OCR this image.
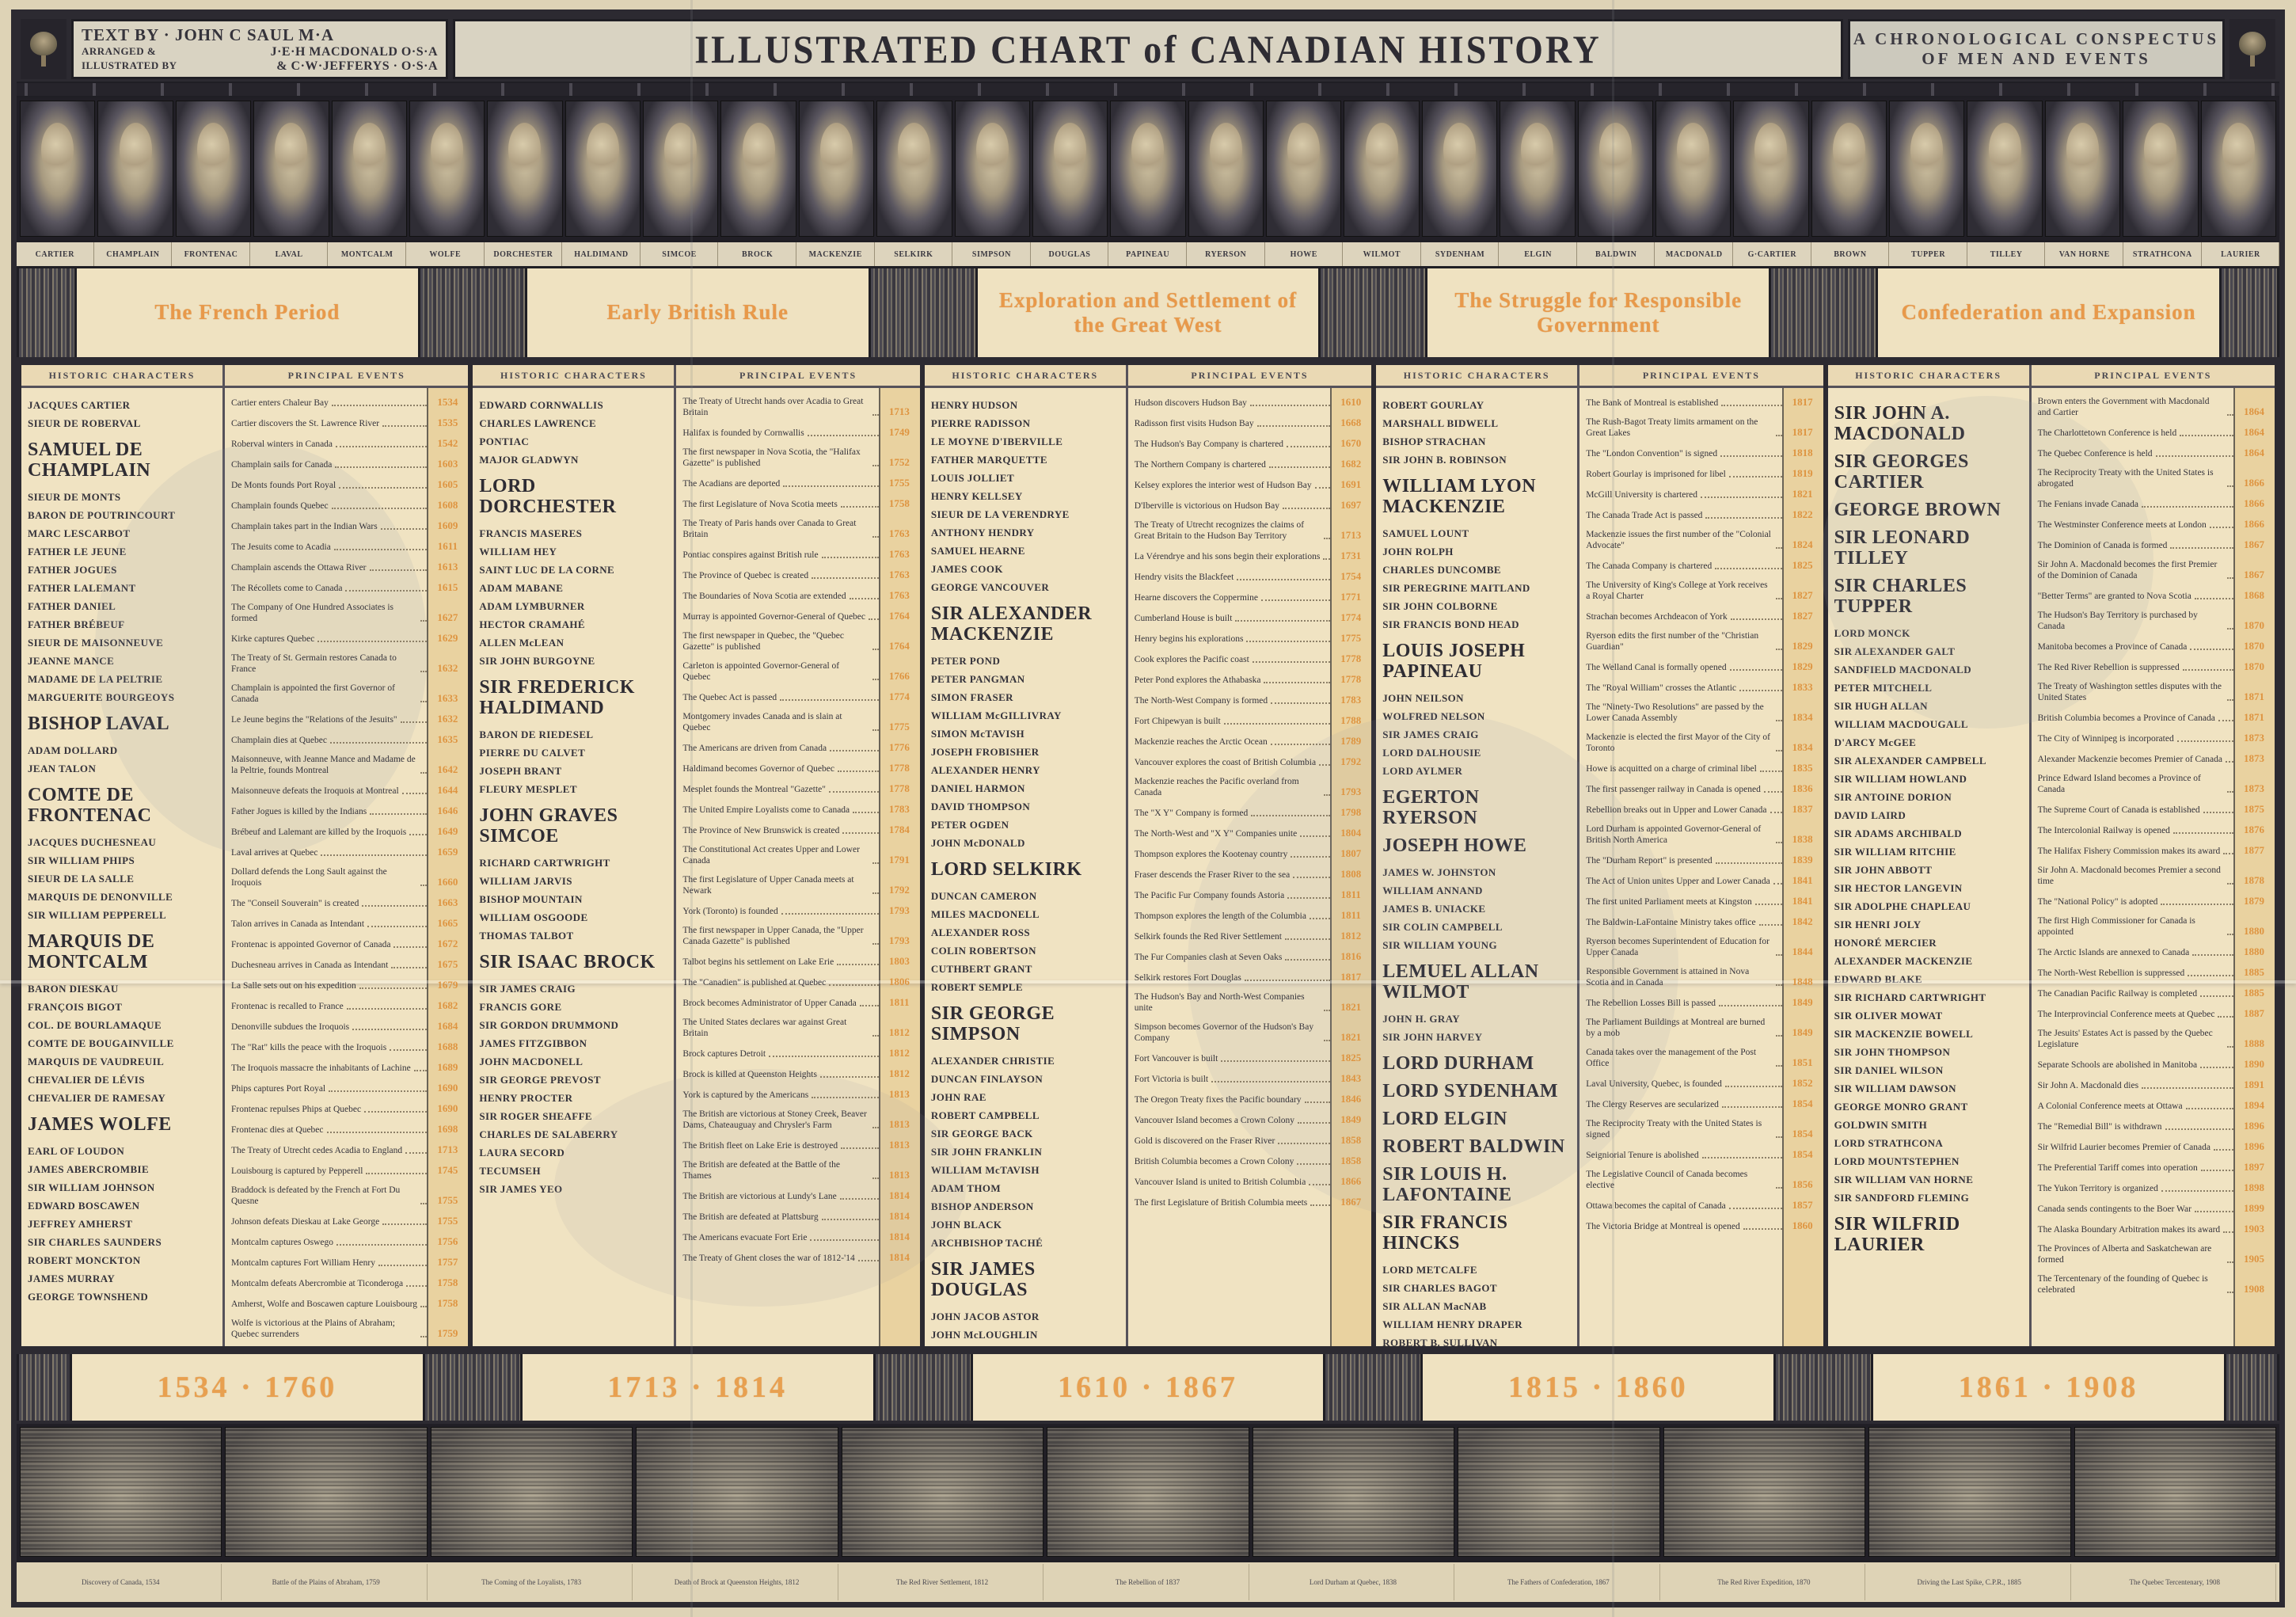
TEXT BY · JOHN C SAUL M·A
ARRANGED &	J·E·H MACDONALD O·S·A
ILLUSTRATED BY	& C·W·JEFFERYS · O·S·A	ILLUSTRATED CHART of CANADIAN HISTORY	A CHRONOLOGICAL CONSPECTUS OF MEN AND EVENTS
CARTIER	CHAMPLAIN	FRONTENAC	LAVAL	MONTCALM	WOLFE	DORCHESTER	HALDIMAND	SIMCOE	BROCK	MACKENZIE	SELKIRK	SIMPSON	DOUGLAS	PAPINEAU	RYERSON	HOWE	WILMOT	SYDENHAM	ELGIN	BALDWIN	MACDONALD	G·CARTIER	BROWN	TUPPER	TILLEY	VAN HORNE	STRATHCONA	LAURIER
The French Period	Early British Rule
Exploration and Settlement of the Great West
The Struggle for Responsible Government
Confederation and Expansion
HISTORIC CHARACTERS
JACQUES CARTIER
SIEUR DE ROBERVAL
SAMUEL DE CHAMPLAIN
SIEUR DE MONTS
BARON DE POUTRINCOURT
MARC LESCARBOT
FATHER LE JEUNE
FATHER JOGUES
FATHER LALEMANT
FATHER DANIEL
FATHER BRÉBEUF
SIEUR DE MAISONNEUVE
JEANNE MANCE
MADAME DE LA PELTRIE
MARGUERITE BOURGEOYS
BISHOP LAVAL
ADAM DOLLARD
JEAN TALON
COMTE DE FRONTENAC
JACQUES DUCHESNEAU
SIR WILLIAM PHIPS
SIEUR DE LA SALLE
MARQUIS DE DENONVILLE
SIR WILLIAM PEPPERELL
MARQUIS DE MONTCALM
BARON DIESKAU
FRANÇOIS BIGOT
COL. DE BOURLAMAQUE
COMTE DE BOUGAINVILLE
MARQUIS DE VAUDREUIL
CHEVALIER DE LÉVIS
CHEVALIER DE RAMESAY
JAMES WOLFE
EARL OF LOUDON
JAMES ABERCROMBIE
SIR WILLIAM JOHNSON
EDWARD BOSCAWEN
JEFFREY AMHERST
SIR CHARLES SAUNDERS
ROBERT MONCKTON
JAMES MURRAY
GEORGE TOWNSHEND
PRINCIPAL EVENTS
Cartier enters Chaleur Bay	1534
Cartier discovers the St. Lawrence River	1535
Roberval winters in Canada	1542
Champlain sails for Canada	1603
De Monts founds Port Royal	1605
Champlain founds Quebec	1608
Champlain takes part in the Indian Wars	1609
The Jesuits come to Acadia	1611
Champlain ascends the Ottawa River	1613
The Récollets come to Canada	1615
The Company of One Hundred Associates is formed	1627
Kirke captures Quebec	1629
The Treaty of St. Germain restores Canada to France	1632
Champlain is appointed the first Governor of Canada	1633
Le Jeune begins the "Relations of the Jesuits"	1632
Champlain dies at Quebec	1635
Maisonneuve, with Jeanne Mance and Madame de la Peltrie, founds Montreal	1642
Maisonneuve defeats the Iroquois at Montreal	1644
Father Jogues is killed by the Indians	1646
Brébeuf and Lalemant are killed by the Iroquois	1649
Laval arrives at Quebec	1659
Dollard defends the Long Sault against the Iroquois	1660
The "Conseil Souverain" is created	1663
Talon arrives in Canada as Intendant	1665
Frontenac is appointed Governor of Canada	1672
Duchesneau arrives in Canada as Intendant	1675
La Salle sets out on his expedition	1679
Frontenac is recalled to France	1682
Denonville subdues the Iroquois	1684
The "Rat" kills the peace with the Iroquois	1688
The Iroquois massacre the inhabitants of Lachine	1689
Phips captures Port Royal	1690
Frontenac repulses Phips at Quebec	1690
Frontenac dies at Quebec	1698
The Treaty of Utrecht cedes Acadia to England	1713
Louisbourg is captured by Pepperell	1745
Braddock is defeated by the French at Fort Du Quesne	1755
Johnson defeats Dieskau at Lake George	1755
Montcalm captures Oswego	1756
Montcalm captures Fort William Henry	1757
Montcalm defeats Abercrombie at Ticonderoga	1758
Amherst, Wolfe and Boscawen capture Louisbourg	1758
Wolfe is victorious at the Plains of Abraham; Quebec surrenders	1759
HISTORIC CHARACTERS
EDWARD CORNWALLIS
CHARLES LAWRENCE
PONTIAC
MAJOR GLADWYN
LORD DORCHESTER
FRANCIS MASERES
WILLIAM HEY
SAINT LUC DE LA CORNE
ADAM MABANE
ADAM LYMBURNER
HECTOR CRAMAHÉ
ALLEN McLEAN
SIR JOHN BURGOYNE
SIR FREDERICK HALDIMAND
BARON DE RIEDESEL
PIERRE DU CALVET
JOSEPH BRANT
FLEURY MESPLET
JOHN GRAVES SIMCOE
RICHARD CARTWRIGHT
WILLIAM JARVIS
BISHOP MOUNTAIN
WILLIAM OSGOODE
THOMAS TALBOT
SIR ISAAC BROCK
SIR JAMES CRAIG
FRANCIS GORE
SIR GORDON DRUMMOND
JAMES FITZGIBBON
JOHN MACDONELL
SIR GEORGE PREVOST
HENRY PROCTER
SIR ROGER SHEAFFE
CHARLES DE SALABERRY
LAURA SECORD
TECUMSEH
SIR JAMES YEO
PRINCIPAL EVENTS
The Treaty of Utrecht hands over Acadia to Great Britain	1713
Halifax is founded by Cornwallis	1749
The first newspaper in Nova Scotia, the "Halifax Gazette" is published	1752
The Acadians are deported	1755
The first Legislature of Nova Scotia meets	1758
The Treaty of Paris hands over Canada to Great Britain	1763
Pontiac conspires against British rule	1763
The Province of Quebec is created	1763
The Boundaries of Nova Scotia are extended	1763
Murray is appointed Governor-General of Quebec	1764
The first newspaper in Quebec, the "Quebec Gazette" is published	1764
Carleton is appointed Governor-General of Quebec	1766
The Quebec Act is passed	1774
Montgomery invades Canada and is slain at Quebec	1775
The Americans are driven from Canada	1776
Haldimand becomes Governor of Quebec	1778
Mesplet founds the Montreal "Gazette"	1778
The United Empire Loyalists come to Canada	1783
The Province of New Brunswick is created	1784
The Constitutional Act creates Upper and Lower Canada	1791
The first Legislature of Upper Canada meets at Newark	1792
York (Toronto) is founded	1793
The first newspaper in Upper Canada, the "Upper Canada Gazette" is published	1793
Talbot begins his settlement on Lake Erie	1803
The "Canadien" is published at Quebec	1806
Brock becomes Administrator of Upper Canada	1811
The United States declares war against Great Britain	1812
Brock captures Detroit	1812
Brock is killed at Queenston Heights	1812
York is captured by the Americans	1813
The British are victorious at Stoney Creek, Beaver Dams, Chateauguay and Chrysler's Farm	1813
The British fleet on Lake Erie is destroyed	1813
The British are defeated at the Battle of the Thames	1813
The British are victorious at Lundy's Lane	1814
The British are defeated at Plattsburg	1814
The Americans evacuate Fort Erie	1814
The Treaty of Ghent closes the war of 1812-'14	1814
HISTORIC CHARACTERS
HENRY HUDSON
PIERRE RADISSON
LE MOYNE D'IBERVILLE
FATHER MARQUETTE
LOUIS JOLLIET
HENRY KELLSEY
SIEUR DE LA VERENDRYE
ANTHONY HENDRY
SAMUEL HEARNE
JAMES COOK
GEORGE VANCOUVER
SIR ALEXANDER MACKENZIE
PETER POND
PETER PANGMAN
SIMON FRASER
WILLIAM McGILLIVRAY
SIMON McTAVISH
JOSEPH FROBISHER
ALEXANDER HENRY
DANIEL HARMON
DAVID THOMPSON
PETER OGDEN
JOHN McDONALD
LORD SELKIRK
DUNCAN CAMERON
MILES MACDONELL
ALEXANDER ROSS
COLIN ROBERTSON
CUTHBERT GRANT
ROBERT SEMPLE
SIR GEORGE SIMPSON
ALEXANDER CHRISTIE
DUNCAN FINLAYSON
JOHN RAE
ROBERT CAMPBELL
SIR GEORGE BACK
SIR JOHN FRANKLIN
WILLIAM McTAVISH
ADAM THOM
BISHOP ANDERSON
JOHN BLACK
ARCHBISHOP TACHÉ
SIR JAMES DOUGLAS
JOHN JACOB ASTOR
JOHN McLOUGHLIN
PRINCIPAL EVENTS
Hudson discovers Hudson Bay	1610
Radisson first visits Hudson Bay	1668
The Hudson's Bay Company is chartered	1670
The Northern Company is chartered	1682
Kelsey explores the interior west of Hudson Bay	1691
D'Iberville is victorious on Hudson Bay	1697
The Treaty of Utrecht recognizes the claims of Great Britain to the Hudson Bay Territory	1713
La Vérendrye and his sons begin their explorations	1731
Hendry visits the Blackfeet	1754
Hearne discovers the Coppermine	1771
Cumberland House is built	1774
Henry begins his explorations	1775
Cook explores the Pacific coast	1778
Peter Pond explores the Athabaska	1778
The North-West Company is formed	1783
Fort Chipewyan is built	1788
Mackenzie reaches the Arctic Ocean	1789
Vancouver explores the coast of British Columbia	1792
Mackenzie reaches the Pacific overland from Canada	1793
The "X Y" Company is formed	1798
The North-West and "X Y" Companies unite	1804
Thompson explores the Kootenay country	1807
Fraser descends the Fraser River to the sea	1808
The Pacific Fur Company founds Astoria	1811
Thompson explores the length of the Columbia	1811
Selkirk founds the Red River Settlement	1812
The Fur Companies clash at Seven Oaks	1816
Selkirk restores Fort Douglas	1817
The Hudson's Bay and North-West Companies unite	1821
Simpson becomes Governor of the Hudson's Bay Company	1821
Fort Vancouver is built	1825
Fort Victoria is built	1843
The Oregon Treaty fixes the Pacific boundary	1846
Vancouver Island becomes a Crown Colony	1849
Gold is discovered on the Fraser River	1858
British Columbia becomes a Crown Colony	1858
Vancouver Island is united to British Columbia	1866
The first Legislature of British Columbia meets	1867
HISTORIC CHARACTERS
ROBERT GOURLAY
MARSHALL BIDWELL
BISHOP STRACHAN
SIR JOHN B. ROBINSON
WILLIAM LYON MACKENZIE
SAMUEL LOUNT
JOHN ROLPH
CHARLES DUNCOMBE
SIR PEREGRINE MAITLAND
SIR JOHN COLBORNE
SIR FRANCIS BOND HEAD
LOUIS JOSEPH PAPINEAU
JOHN NEILSON
WOLFRED NELSON
SIR JAMES CRAIG
LORD DALHOUSIE
LORD AYLMER
EGERTON RYERSON
JOSEPH HOWE
JAMES W. JOHNSTON
WILLIAM ANNAND
JAMES B. UNIACKE
SIR COLIN CAMPBELL
SIR WILLIAM YOUNG
LEMUEL ALLAN WILMOT
JOHN H. GRAY
SIR JOHN HARVEY
LORD DURHAM
LORD SYDENHAM
LORD ELGIN
ROBERT BALDWIN
SIR LOUIS H. LAFONTAINE
SIR FRANCIS HINCKS
LORD METCALFE
SIR CHARLES BAGOT
SIR ALLAN MacNAB
WILLIAM HENRY DRAPER
ROBERT B. SULLIVAN
PRINCIPAL EVENTS
The Bank of Montreal is established	1817
The Rush-Bagot Treaty limits armament on the Great Lakes	1817
The "London Convention" is signed	1818
Robert Gourlay is imprisoned for libel	1819
McGill University is chartered	1821
The Canada Trade Act is passed	1822
Mackenzie issues the first number of the "Colonial Advocate"	1824
The Canada Company is chartered	1825
The University of King's College at York receives a Royal Charter	1827
Strachan becomes Archdeacon of York	1827
Ryerson edits the first number of the "Christian Guardian"	1829
The Welland Canal is formally opened	1829
The "Royal William" crosses the Atlantic	1833
The "Ninety-Two Resolutions" are passed by the Lower Canada Assembly	1834
Mackenzie is elected the first Mayor of the City of Toronto	1834
Howe is acquitted on a charge of criminal libel	1835
The first passenger railway in Canada is opened	1836
Rebellion breaks out in Upper and Lower Canada	1837
Lord Durham is appointed Governor-General of British North America	1838
The "Durham Report" is presented	1839
The Act of Union unites Upper and Lower Canada	1841
The first united Parliament meets at Kingston	1841
The Baldwin-LaFontaine Ministry takes office	1842
Ryerson becomes Superintendent of Education for Upper Canada	1844
Responsible Government is attained in Nova Scotia and in Canada	1848
The Rebellion Losses Bill is passed	1849
The Parliament Buildings at Montreal are burned by a mob	1849
Canada takes over the management of the Post Office	1851
Laval University, Quebec, is founded	1852
The Clergy Reserves are secularized	1854
The Reciprocity Treaty with the United States is signed	1854
Seigniorial Tenure is abolished	1854
The Legislative Council of Canada becomes elective	1856
Ottawa becomes the capital of Canada	1857
The Victoria Bridge at Montreal is opened	1860
HISTORIC CHARACTERS
SIR JOHN A. MACDONALD
SIR GEORGES CARTIER
GEORGE BROWN
SIR LEONARD TILLEY
SIR CHARLES TUPPER
LORD MONCK
SIR ALEXANDER GALT
SANDFIELD MACDONALD
PETER MITCHELL
SIR HUGH ALLAN
WILLIAM MACDOUGALL
D'ARCY McGEE
SIR ALEXANDER CAMPBELL
SIR WILLIAM HOWLAND
SIR ANTOINE DORION
DAVID LAIRD
SIR ADAMS ARCHIBALD
SIR WILLIAM RITCHIE
SIR JOHN ABBOTT
SIR HECTOR LANGEVIN
SIR ADOLPHE CHAPLEAU
SIR HENRI JOLY
HONORÉ MERCIER
ALEXANDER MACKENZIE
EDWARD BLAKE
SIR RICHARD CARTWRIGHT
SIR OLIVER MOWAT
SIR MACKENZIE BOWELL
SIR JOHN THOMPSON
SIR DANIEL WILSON
SIR WILLIAM DAWSON
GEORGE MONRO GRANT
GOLDWIN SMITH
LORD STRATHCONA
LORD MOUNTSTEPHEN
SIR WILLIAM VAN HORNE
SIR SANDFORD FLEMING
SIR WILFRID LAURIER
PRINCIPAL EVENTS
Brown enters the Government with Macdonald and Cartier	1864
The Charlottetown Conference is held	1864
The Quebec Conference is held	1864
The Reciprocity Treaty with the United States is abrogated	1866
The Fenians invade Canada	1866
The Westminster Conference meets at London	1866
The Dominion of Canada is formed	1867
Sir John A. Macdonald becomes the first Premier of the Dominion of Canada	1867
"Better Terms" are granted to Nova Scotia	1868
The Hudson's Bay Territory is purchased by Canada	1870
Manitoba becomes a Province of Canada	1870
The Red River Rebellion is suppressed	1870
The Treaty of Washington settles disputes with the United States	1871
British Columbia becomes a Province of Canada	1871
The City of Winnipeg is incorporated	1873
Alexander Mackenzie becomes Premier of Canada	1873
Prince Edward Island becomes a Province of Canada	1873
The Supreme Court of Canada is established	1875
The Intercolonial Railway is opened	1876
The Halifax Fishery Commission makes its award	1877
Sir John A. Macdonald becomes Premier a second time	1878
The "National Policy" is adopted	1879
The first High Commissioner for Canada is appointed	1880
The Arctic Islands are annexed to Canada	1880
The North-West Rebellion is suppressed	1885
The Canadian Pacific Railway is completed	1885
The Interprovincial Conference meets at Quebec	1887
The Jesuits' Estates Act is passed by the Quebec Legislature	1888
Separate Schools are abolished in Manitoba	1890
Sir John A. Macdonald dies	1891
A Colonial Conference meets at Ottawa	1894
The "Remedial Bill" is withdrawn	1896
Sir Wilfrid Laurier becomes Premier of Canada	1896
The Preferential Tariff comes into operation	1897
The Yukon Territory is organized	1898
Canada sends contingents to the Boer War	1899
The Alaska Boundary Arbitration makes its award	1903
The Provinces of Alberta and Saskatchewan are formed	1905
The Tercentenary of the founding of Quebec is celebrated	1908
1534 · 1760	1713 · 1814	1610 · 1867	1815 · 1860	1861 · 1908
Discovery of Canada, 1534	Battle of the Plains of Abraham, 1759	The Coming of the Loyalists, 1783	Death of Brock at Queenston Heights, 1812	The Red River Settlement, 1812	The Rebellion of 1837	Lord Durham at Quebec, 1838	The Fathers of Confederation, 1867	The Red River Expedition, 1870	Driving the Last Spike, C.P.R., 1885	The Quebec Tercentenary, 1908
